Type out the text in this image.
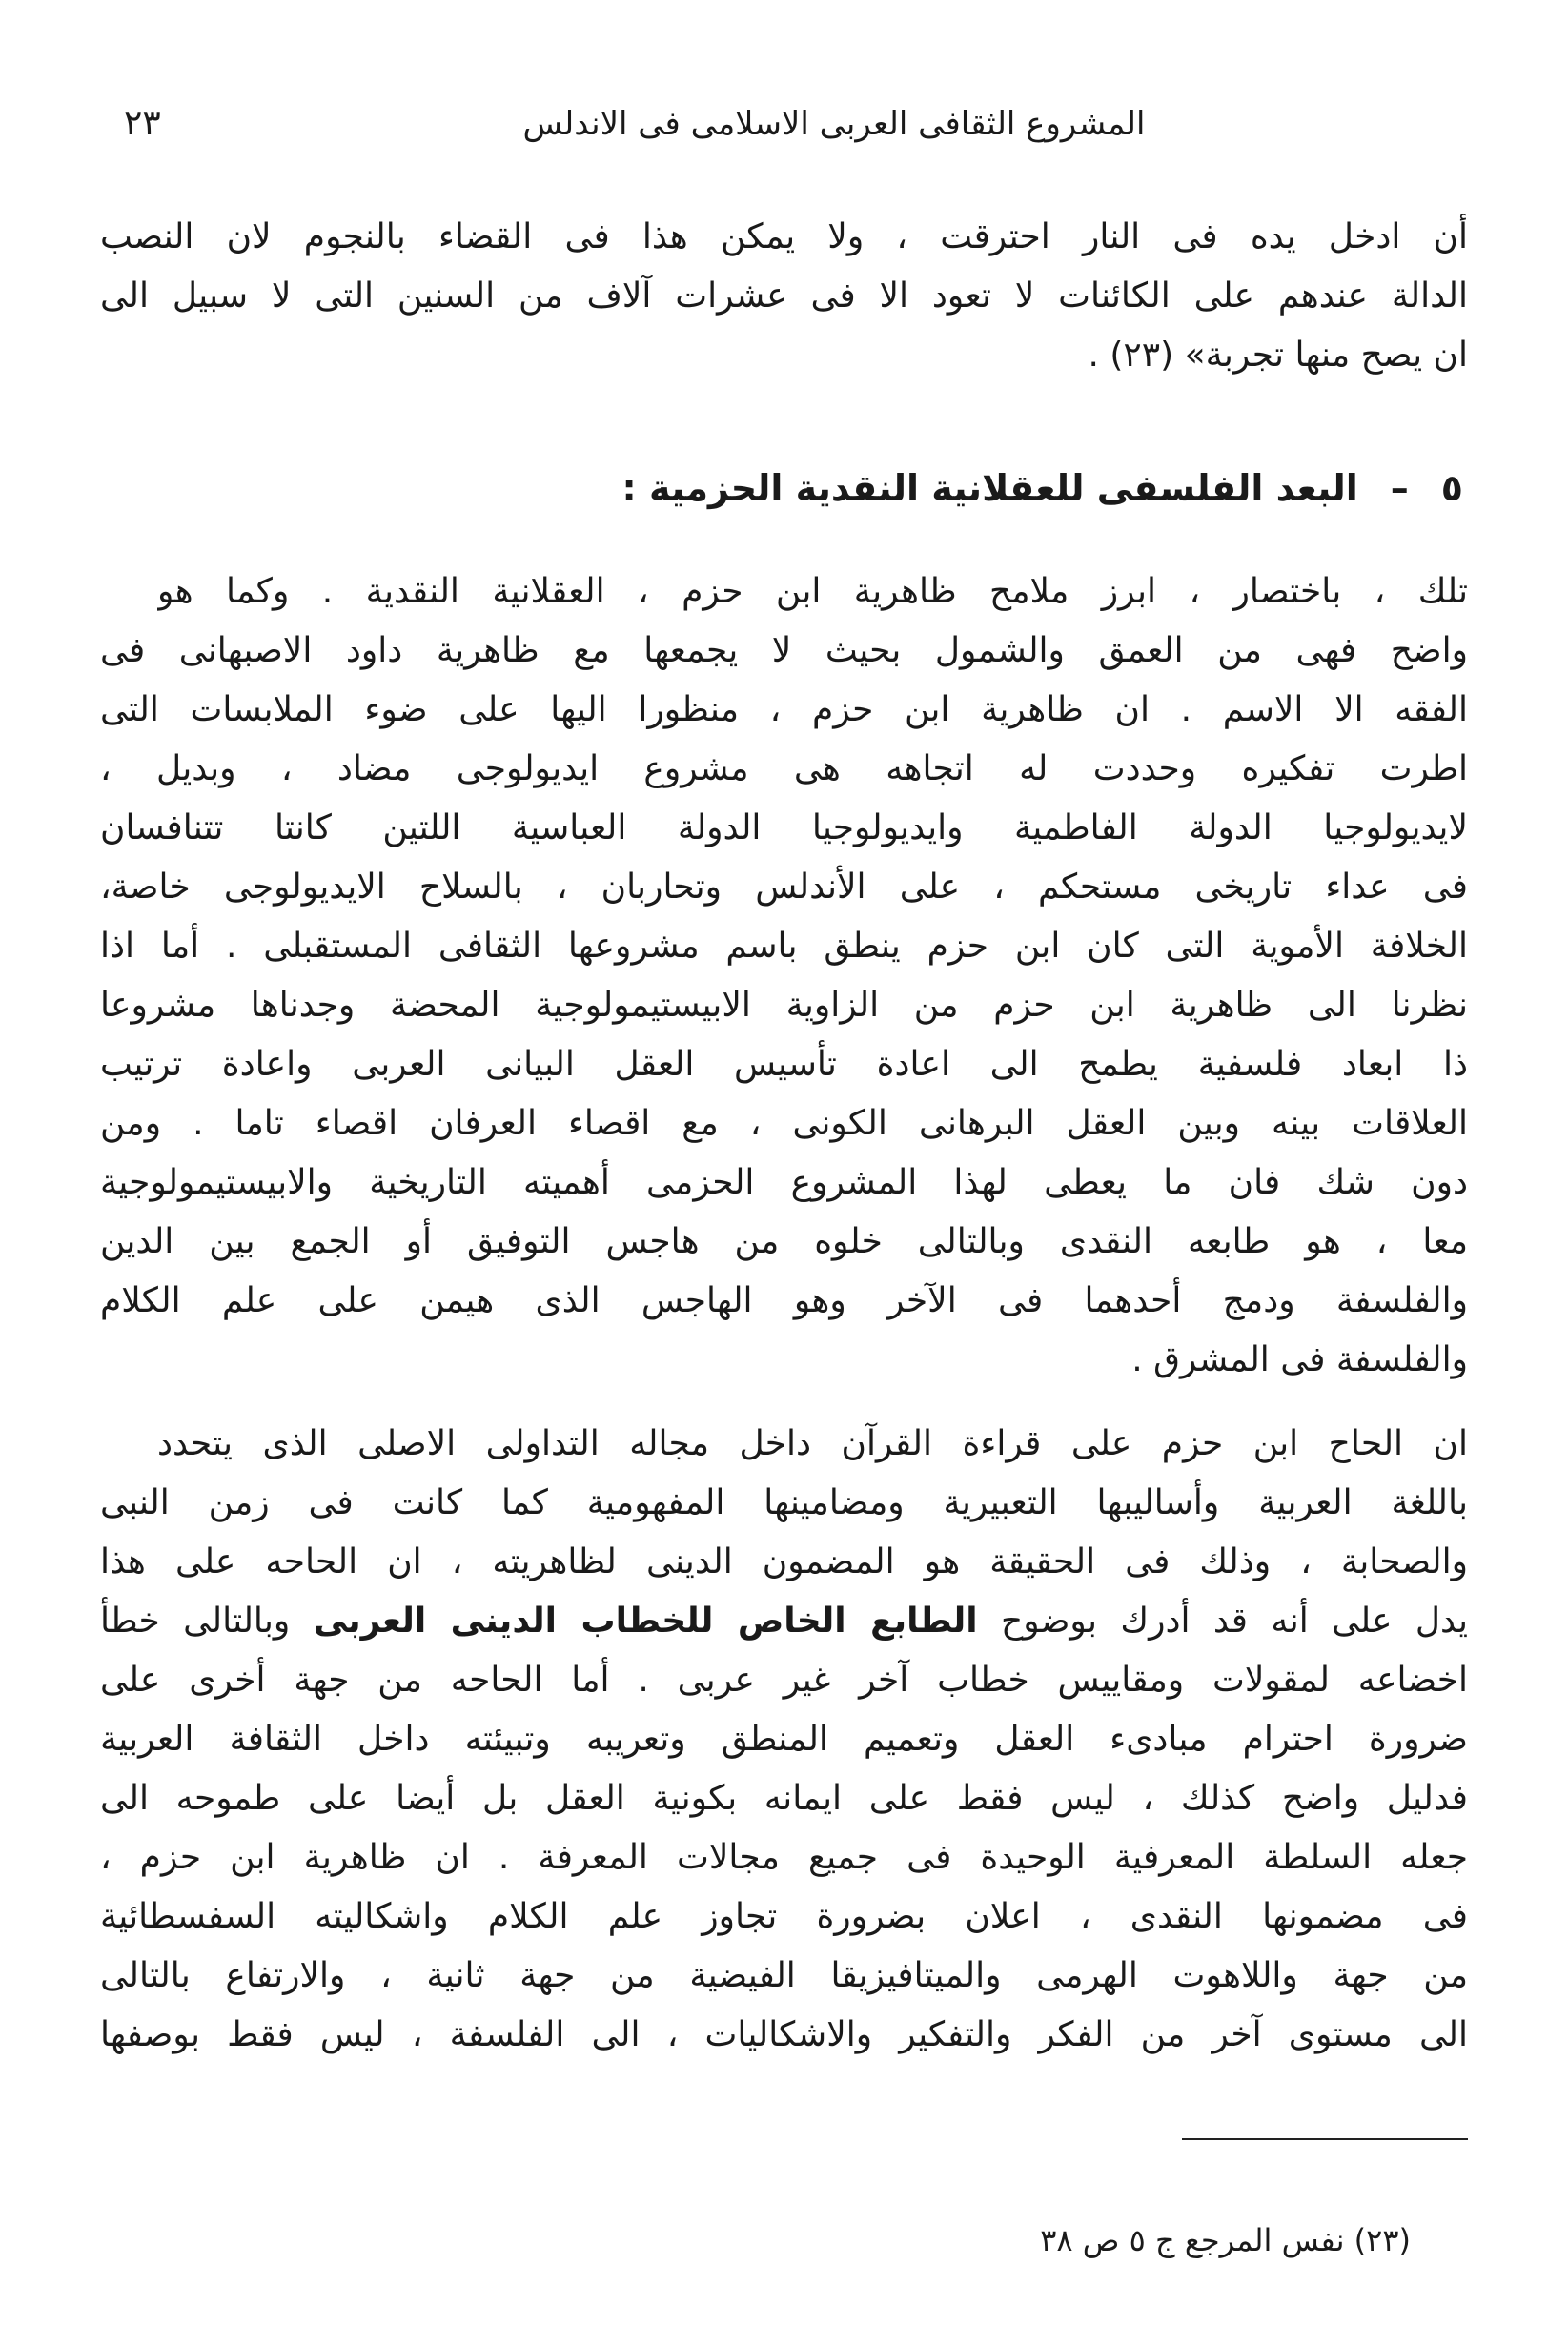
المشروع الثقافى العربى الاسلامى فى الاندلس
٢٣
أن ادخل يده فى النار احترقت ، ولا يمكن هذا فى القضاء بالنجوم لان النصب
الدالة عندهم على الكائنات لا تعود الا فى عشرات آلاف من السنين التى لا سبيل الى
ان يصح منها تجربة» (٢٣) .
٥–البعد الفلسفى للعقلانية النقدية الحزمية :
تلك ، باختصار ، ابرز ملامح ظاهرية ابن حزم ، العقلانية النقدية . وكما هو
واضح فهى من العمق والشمول بحيث لا يجمعها مع ظاهرية داود الاصبهانى فى
الفقه الا الاسم . ان ظاهرية ابن حزم ، منظورا اليها على ضوء الملابسات التى
اطرت تفكيره وحددت له اتجاهه هى مشروع ايديولوجى مضاد ، وبديل ،
لايديولوجيا الدولة الفاطمية وايديولوجيا الدولة العباسية اللتين كانتا تتنافسان
فى عداء تاريخى مستحكم ، على الأندلس وتحاربان ، بالسلاح الايديولوجى خاصة،
الخلافة الأموية التى كان ابن حزم ينطق باسم مشروعها الثقافى المستقبلى . أما اذا
نظرنا الى ظاهرية ابن حزم من الزاوية الابيستيمولوجية المحضة وجدناها مشروعا
ذا ابعاد فلسفية يطمح الى اعادة تأسيس العقل البيانى العربى واعادة ترتيب
العلاقات بينه وبين العقل البرهانى الكونى ، مع اقصاء العرفان اقصاء تاما . ومن
دون شك فان ما يعطى لهذا المشروع الحزمى أهميته التاريخية والابيستيمولوجية
معا ، هو طابعه النقدى وبالتالى خلوه من هاجس التوفيق أو الجمع بين الدين
والفلسفة ودمج أحدهما فى الآخر وهو الهاجس الذى هيمن على علم الكلام
والفلسفة فى المشرق .
ان الحاح ابن حزم على قراءة القرآن داخل مجاله التداولى الاصلى الذى يتحدد
باللغة العربية وأساليبها التعبيرية ومضامينها المفهومية كما كانت فى زمن النبى
والصحابة ، وذلك فى الحقيقة هو المضمون الدينى لظاهريته ، ان الحاحه على هذا
يدل على أنه قد أدرك بوضوح الطابع الخاص للخطاب الدينى العربى وبالتالى خطأ
اخضاعه لمقولات ومقاييس خطاب آخر غير عربى . أما الحاحه من جهة أخرى على
ضرورة احترام مبادىء العقل وتعميم المنطق وتعريبه وتبيئته داخل الثقافة العربية
فدليل واضح كذلك ، ليس فقط على ايمانه بكونية العقل بل أيضا على طموحه الى
جعله السلطة المعرفية الوحيدة فى جميع مجالات المعرفة . ان ظاهرية ابن حزم ،
فى مضمونها النقدى ، اعلان بضرورة تجاوز علم الكلام واشكاليته السفسطائية
من جهة واللاهوت الهرمى والميتافيزيقا الفيضية من جهة ثانية ، والارتفاع بالتالى
الى مستوى آخر من الفكر والتفكير والاشكاليات ، الى الفلسفة ، ليس فقط بوصفها
(٢٣) نفس المرجع ج ٥ ص ٣٨
